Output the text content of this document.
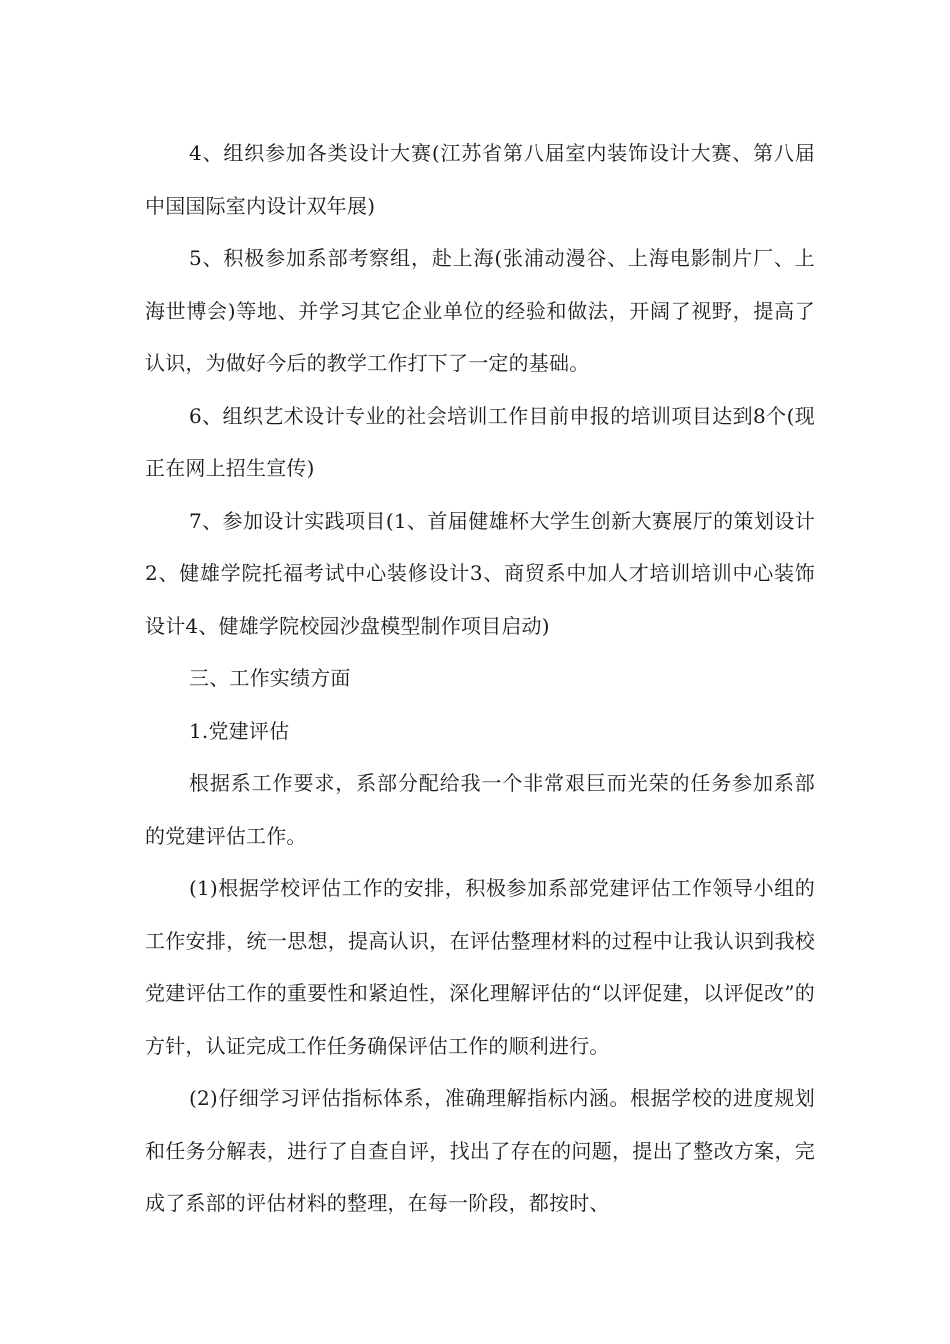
4、组织参加各类设计大赛(江苏省第八届室内装饰设计大赛、第八届中国国际室内设计双年展)

5、积极参加系部考察组，赴上海(张浦动漫谷、上海电影制片厂、上海世博会)等地、并学习其它企业单位的经验和做法，开阔了视野，提高了认识，为做好今后的教学工作打下了一定的基础。

6、组织艺术设计专业的社会培训工作目前申报的培训项目达到8个(现正在网上招生宣传)

7、参加设计实践项目(1、首届健雄杯大学生创新大赛展厅的策划设计2、健雄学院托福考试中心装修设计3、商贸系中加人才培训培训中心装饰设计4、健雄学院校园沙盘模型制作项目启动)

三、工作实绩方面

1.党建评估

根据系工作要求，系部分配给我一个非常艰巨而光荣的任务参加系部的党建评估工作。

(1)根据学校评估工作的安排，积极参加系部党建评估工作领导小组的工作安排，统一思想，提高认识，在评估整理材料的过程中让我认识到我校党建评估工作的重要性和紧迫性，深化理解评估的“以评促建，以评促改”的方针，认证完成工作任务确保评估工作的顺利进行。

(2)仔细学习评估指标体系，准确理解指标内涵。根据学校的进度规划和任务分解表，进行了自查自评，找出了存在的问题，提出了整改方案，完成了系部的评估材料的整理，在每一阶段，都按时、
